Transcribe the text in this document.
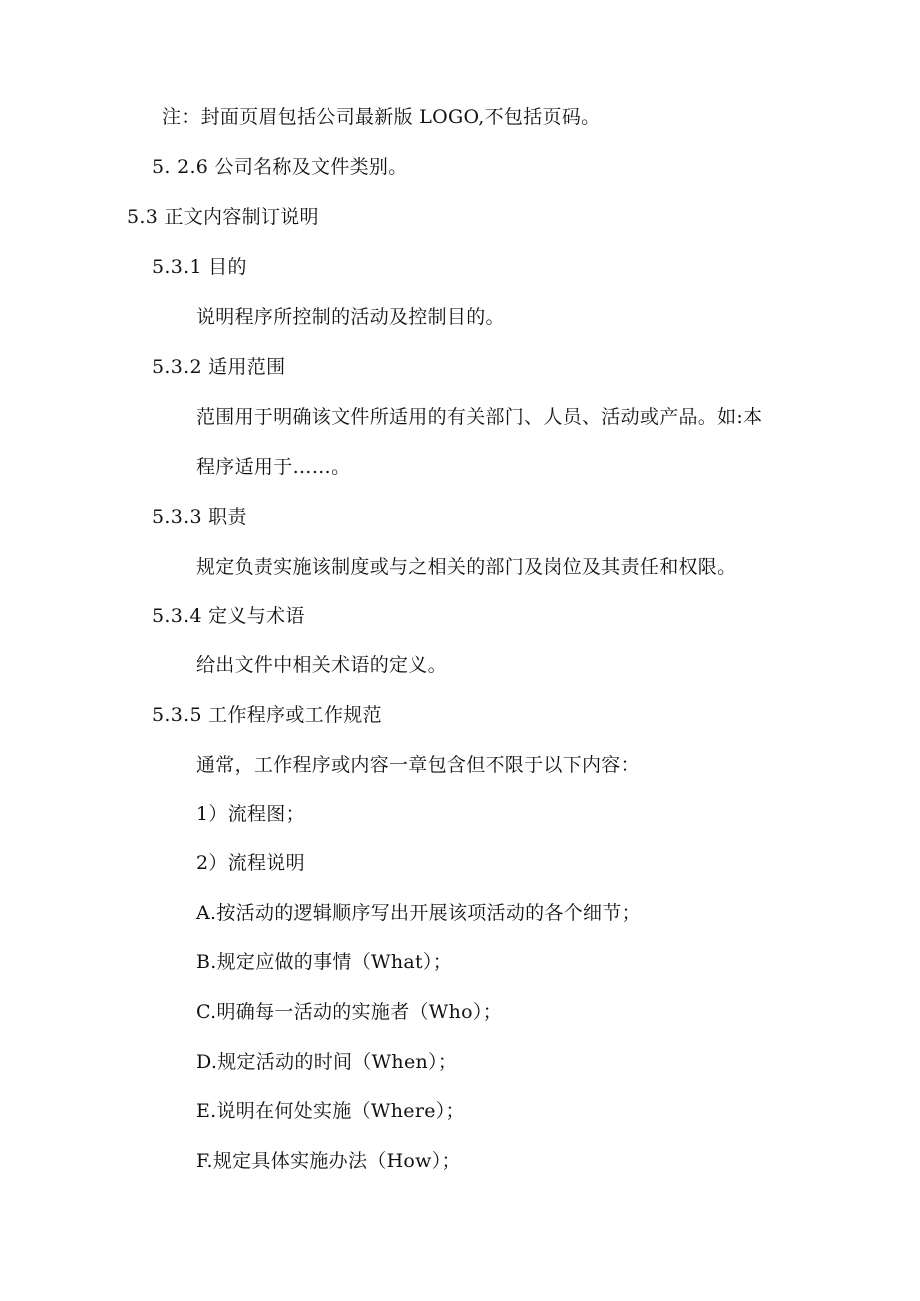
注：封面页眉包括公司最新版 LOGO,不包括页码。
5. 2.6 公司名称及文件类别。
5.3 正文内容制订说明
5.3.1 目的
说明程序所控制的活动及控制目的。
5.3.2 适用范围
范围用于明确该文件所适用的有关部门、人员、活动或产品。如:本
程序适用于……。
5.3.3 职责
规定负责实施该制度或与之相关的部门及岗位及其责任和权限。
5.3.4 定义与术语
给出文件中相关术语的定义。
5.3.5 工作程序或工作规范
通常，工作程序或内容一章包含但不限于以下内容：
1）流程图；
2）流程说明
A.按活动的逻辑顺序写出开展该项活动的各个细节；
B.规定应做的事情（What）；
C.明确每一活动的实施者（Who）；
D.规定活动的时间（When）；
E.说明在何处实施（Where）；
F.规定具体实施办法（How）；
